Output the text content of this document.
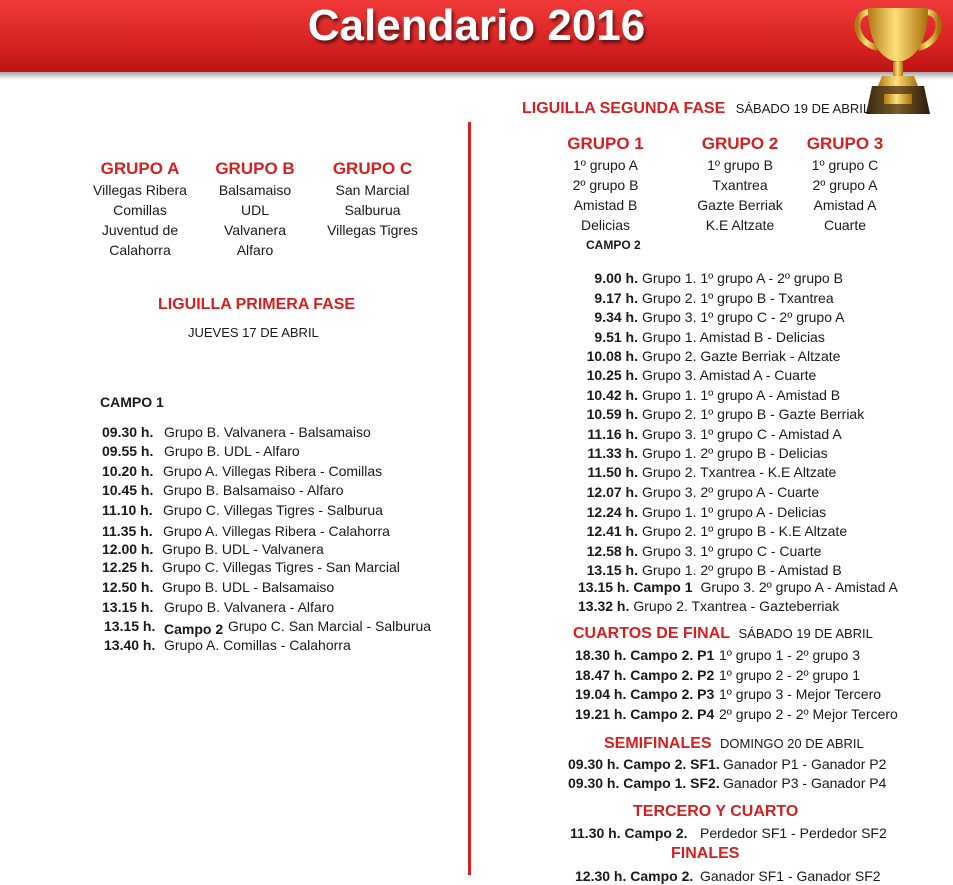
Calendario 2016
GRUPO A
Villegas Ribera
Comillas
Juventud de Calahorra
GRUPO B
Balsamaiso
UDL
Valvanera
Alfaro
GRUPO C
San Marcial
Salburua
Villegas Tigres
LIGUILLA PRIMERA FASE
JUEVES 17 DE ABRIL
CAMPO 1
09.30 h. Grupo B. Valvanera - Balsamaiso
09.55 h. Grupo B. UDL - Alfaro
10.20 h. Grupo A. Villegas Ribera - Comillas
10.45 h. Grupo B. Balsamaiso - Alfaro
11.10 h. Grupo C. Villegas Tigres - Salburua
11.35 h. Grupo A. Villegas Ribera - Calahorra
12.00 h. Grupo B. UDL - Valvanera
12.25 h. Grupo C. Villegas Tigres - San Marcial
12.50 h. Grupo B. UDL - Balsamaiso
13.15 h. Grupo B. Valvanera - Alfaro
13.15 h. Campo 2 Grupo C. San Marcial - Salburua
13.40 h. Grupo A. Comillas - Calahorra
LIGUILLA SEGUNDA FASE SÁBADO 19 DE ABRIL
GRUPO 1
1º grupo A
2º grupo B
Amistad B
Delicias
GRUPO 2
1º grupo B
Txantrea
Gazte Berriak
K.E Altzate
GRUPO 3
1º grupo C
2º grupo A
Amistad A
Cuarte
CAMPO 2
9.00 h. Grupo 1. 1º grupo A - 2º grupo B
9.17 h. Grupo 2. 1º grupo B - Txantrea
9.34 h. Grupo 3. 1º grupo C - 2º grupo A
9.51 h. Grupo 1. Amistad B - Delicias
10.08 h. Grupo 2. Gazte Berriak - Altzate
10.25 h. Grupo 3. Amistad A - Cuarte
10.42 h. Grupo 1. 1º grupo A - Amistad B
10.59 h. Grupo 2. 1º grupo B - Gazte Berriak
11.16 h. Grupo 3. 1º grupo C - Amistad A
11.33 h. Grupo 1. 2º grupo B - Delicias
11.50 h. Grupo 2. Txantrea - K.E Altzate
12.07 h. Grupo 3. 2º grupo A - Cuarte
12.24 h. Grupo 1. 1º grupo A - Delicias
12.41 h. Grupo 2. 1º grupo B - K.E Altzate
12.58 h. Grupo 3. 1º grupo C - Cuarte
13.15 h. Grupo 1. 2º grupo B - Amistad B
13.15 h. Campo 1 Grupo 3. 2º grupo A - Amistad A
13.32 h. Grupo 2. Txantrea - Gazteberriak
CUARTOS DE FINAL SÁBADO 19 DE ABRIL
18.30 h. Campo 2. P1 1º grupo 1 - 2º grupo 3
18.47 h. Campo 2. P2 1º grupo 2 - 2º grupo 1
19.04 h. Campo 2. P3 1º grupo 3 - Mejor Tercero
19.21 h. Campo 2. P4 2º grupo 2 - 2º Mejor Tercero
SEMIFINALES DOMINGO 20 DE ABRIL
09.30 h. Campo 2. SF1. Ganador P1 - Ganador P2
09.30 h. Campo 1. SF2. Ganador P3 - Ganador P4
TERCERO Y CUARTO
11.30 h. Campo 2. Perdedor SF1 - Perdedor SF2
FINALES
12.30 h. Campo 2. Ganador SF1 - Ganador SF2
